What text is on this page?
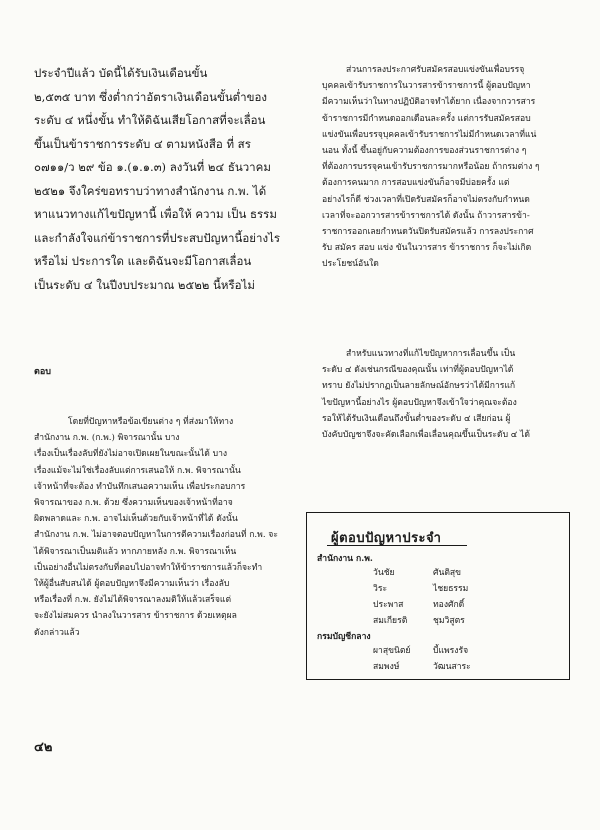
ประจำปีแล้ว บัดนี้ได้รับเงินเดือนขั้น

๒,๕๓๕ บาท ซึ่งต่ำกว่าอัตราเงินเดือนขั้นต่ำของ

ระดับ ๔ หนึ่งขั้น ทำให้ดิฉันเสียโอกาสที่จะเลื่อน

ขึ้นเป็นข้าราชการระดับ ๔ ตามหนังสือ ที่ สร

๐๗๑๑/ว ๒๙ ข้อ ๑.(๑.๑.๓) ลงวันที่ ๒๔ ธันวาคม

๒๕๒๑ จึงใคร่ขอทราบว่าทางสำนักงาน ก.พ. ได้

หาแนวทางแก้ไขปัญหานี้ เพื่อให้ ความ เป็น ธรรม

และกำลังใจแก่ข้าราชการที่ประสบปัญหานี้อย่างไร

หรือไม่ ประการใด และดิฉันจะมีโอกาสเลื่อน

เป็นระดับ ๔ ในปีงบประมาณ ๒๕๒๒ นี้หรือไม่

ตอบ

โดยที่ปัญหาหรือข้อเขียนต่าง ๆ ที่ส่งมาให้ทาง

สำนักงาน ก.พ. (ก.พ.) พิจารณานั้น บาง

เรื่องเป็นเรื่องลับที่ยังไม่อาจเปิดเผยในขณะนั้นได้ บาง

เรื่องแม้จะไม่ใช่เรื่องลับแต่การเสนอให้ ก.พ. พิจารณานั้น

เจ้าหน้าที่จะต้อง ทำบันทึกเสนอความเห็น เพื่อประกอบการ

พิจารณาของ ก.พ. ด้วย ซึ่งความเห็นของเจ้าหน้าที่อาจ

ผิดพลาดและ ก.พ. อาจไม่เห็นด้วยกับเจ้าหน้าที่ได้ ดังนั้น

สำนักงาน ก.พ. ไม่อาจตอบปัญหาในการตีความเรื่องก่อนที่ ก.พ. จะ

ได้พิจารณาเป็นมติแล้ว หากภายหลัง ก.พ. พิจารณาเห็น

เป็นอย่างอื่นไม่ตรงกับที่ตอบไปอาจทำให้ข้าราชการแล้วก็จะทำ

ให้ผู้อื่นสับสนได้ ผู้ตอบปัญหาจึงมีความเห็นว่า เรื่องลับ

หรือเรื่องที่ ก.พ. ยังไม่ได้พิจารณาลงมติให้แล้วเสร็จแต่

จะยังไม่สมควร นำลงในวารสาร ข้าราชการ ด้วยเหตุผล

ดังกล่าวแล้ว

ส่วนการลงประกาศรับสมัครสอบแข่งขันเพื่อบรรจุ

บุคคลเข้ารับราชการในวารสารข้าราชการนี้ ผู้ตอบปัญหา

มีความเห็นว่าในทางปฏิบัติอาจทำได้ยาก เนื่องจากวารสาร

ข้าราชการมีกำหนดออกเดือนละครั้ง แต่การรับสมัครสอบ

แข่งขันเพื่อบรรจุบุคคลเข้ารับราชการไม่มีกำหนดเวลาที่แน่

นอน ทั้งนี้ ขึ้นอยู่กับความต้องการของส่วนราชการต่าง ๆ

ที่ต้องการบรรจุคนเข้ารับราชการมากหรือน้อย ถ้ากรมต่าง ๆ

ต้องการคนมาก การสอบแข่งขันก็อาจมีบ่อยครั้ง แต่

อย่างไรก็ดี ช่วงเวลาที่เปิดรับสมัครก็อาจไม่ตรงกับกำหนด

เวลาที่จะออกวารสารข้าราชการได้ ดังนั้น ถ้าวารสารข้า-

ราชการออกเลยกำหนดวันปิดรับสมัครแล้ว การลงประกาศ

รับ สมัคร สอบ แข่ง ขันในวารสาร ข้าราชการ ก็จะไม่เกิด

ประโยชน์อันใด

สำหรับแนวทางที่แก้ไขปัญหาการเลื่อนขึ้น เป็น

ระดับ ๔ ดังเช่นกรณีของคุณนั้น เท่าที่ผู้ตอบปัญหาได้

ทราบ ยังไม่ปรากฏเป็นลายลักษณ์อักษรว่าได้มีการแก้

ไขปัญหานี้อย่างไร ผู้ตอบปัญหาจึงเข้าใจว่าคุณจะต้อง

รอให้ได้รับเงินเดือนถึงขั้นต่ำของระดับ ๔ เสียก่อน ผู้

บังคับบัญชาจึงจะคัดเลือกเพื่อเลื่อนคุณขึ้นเป็นระดับ ๔ ได้

ผู้ตอบปัญหาประจำ
สำนักงาน ก.พ.
วันชัย	ศันติสุข
วิระ	ไชยธรรม
ประพาส	ทองศักดิ์
สมเกียรติ	ชุมวิสูตร
กรมบัญชีกลาง
ผาสุขนิตย์	บี้แพรงรัจ
สมพงษ์	วัฒนสาระ
๔๒
